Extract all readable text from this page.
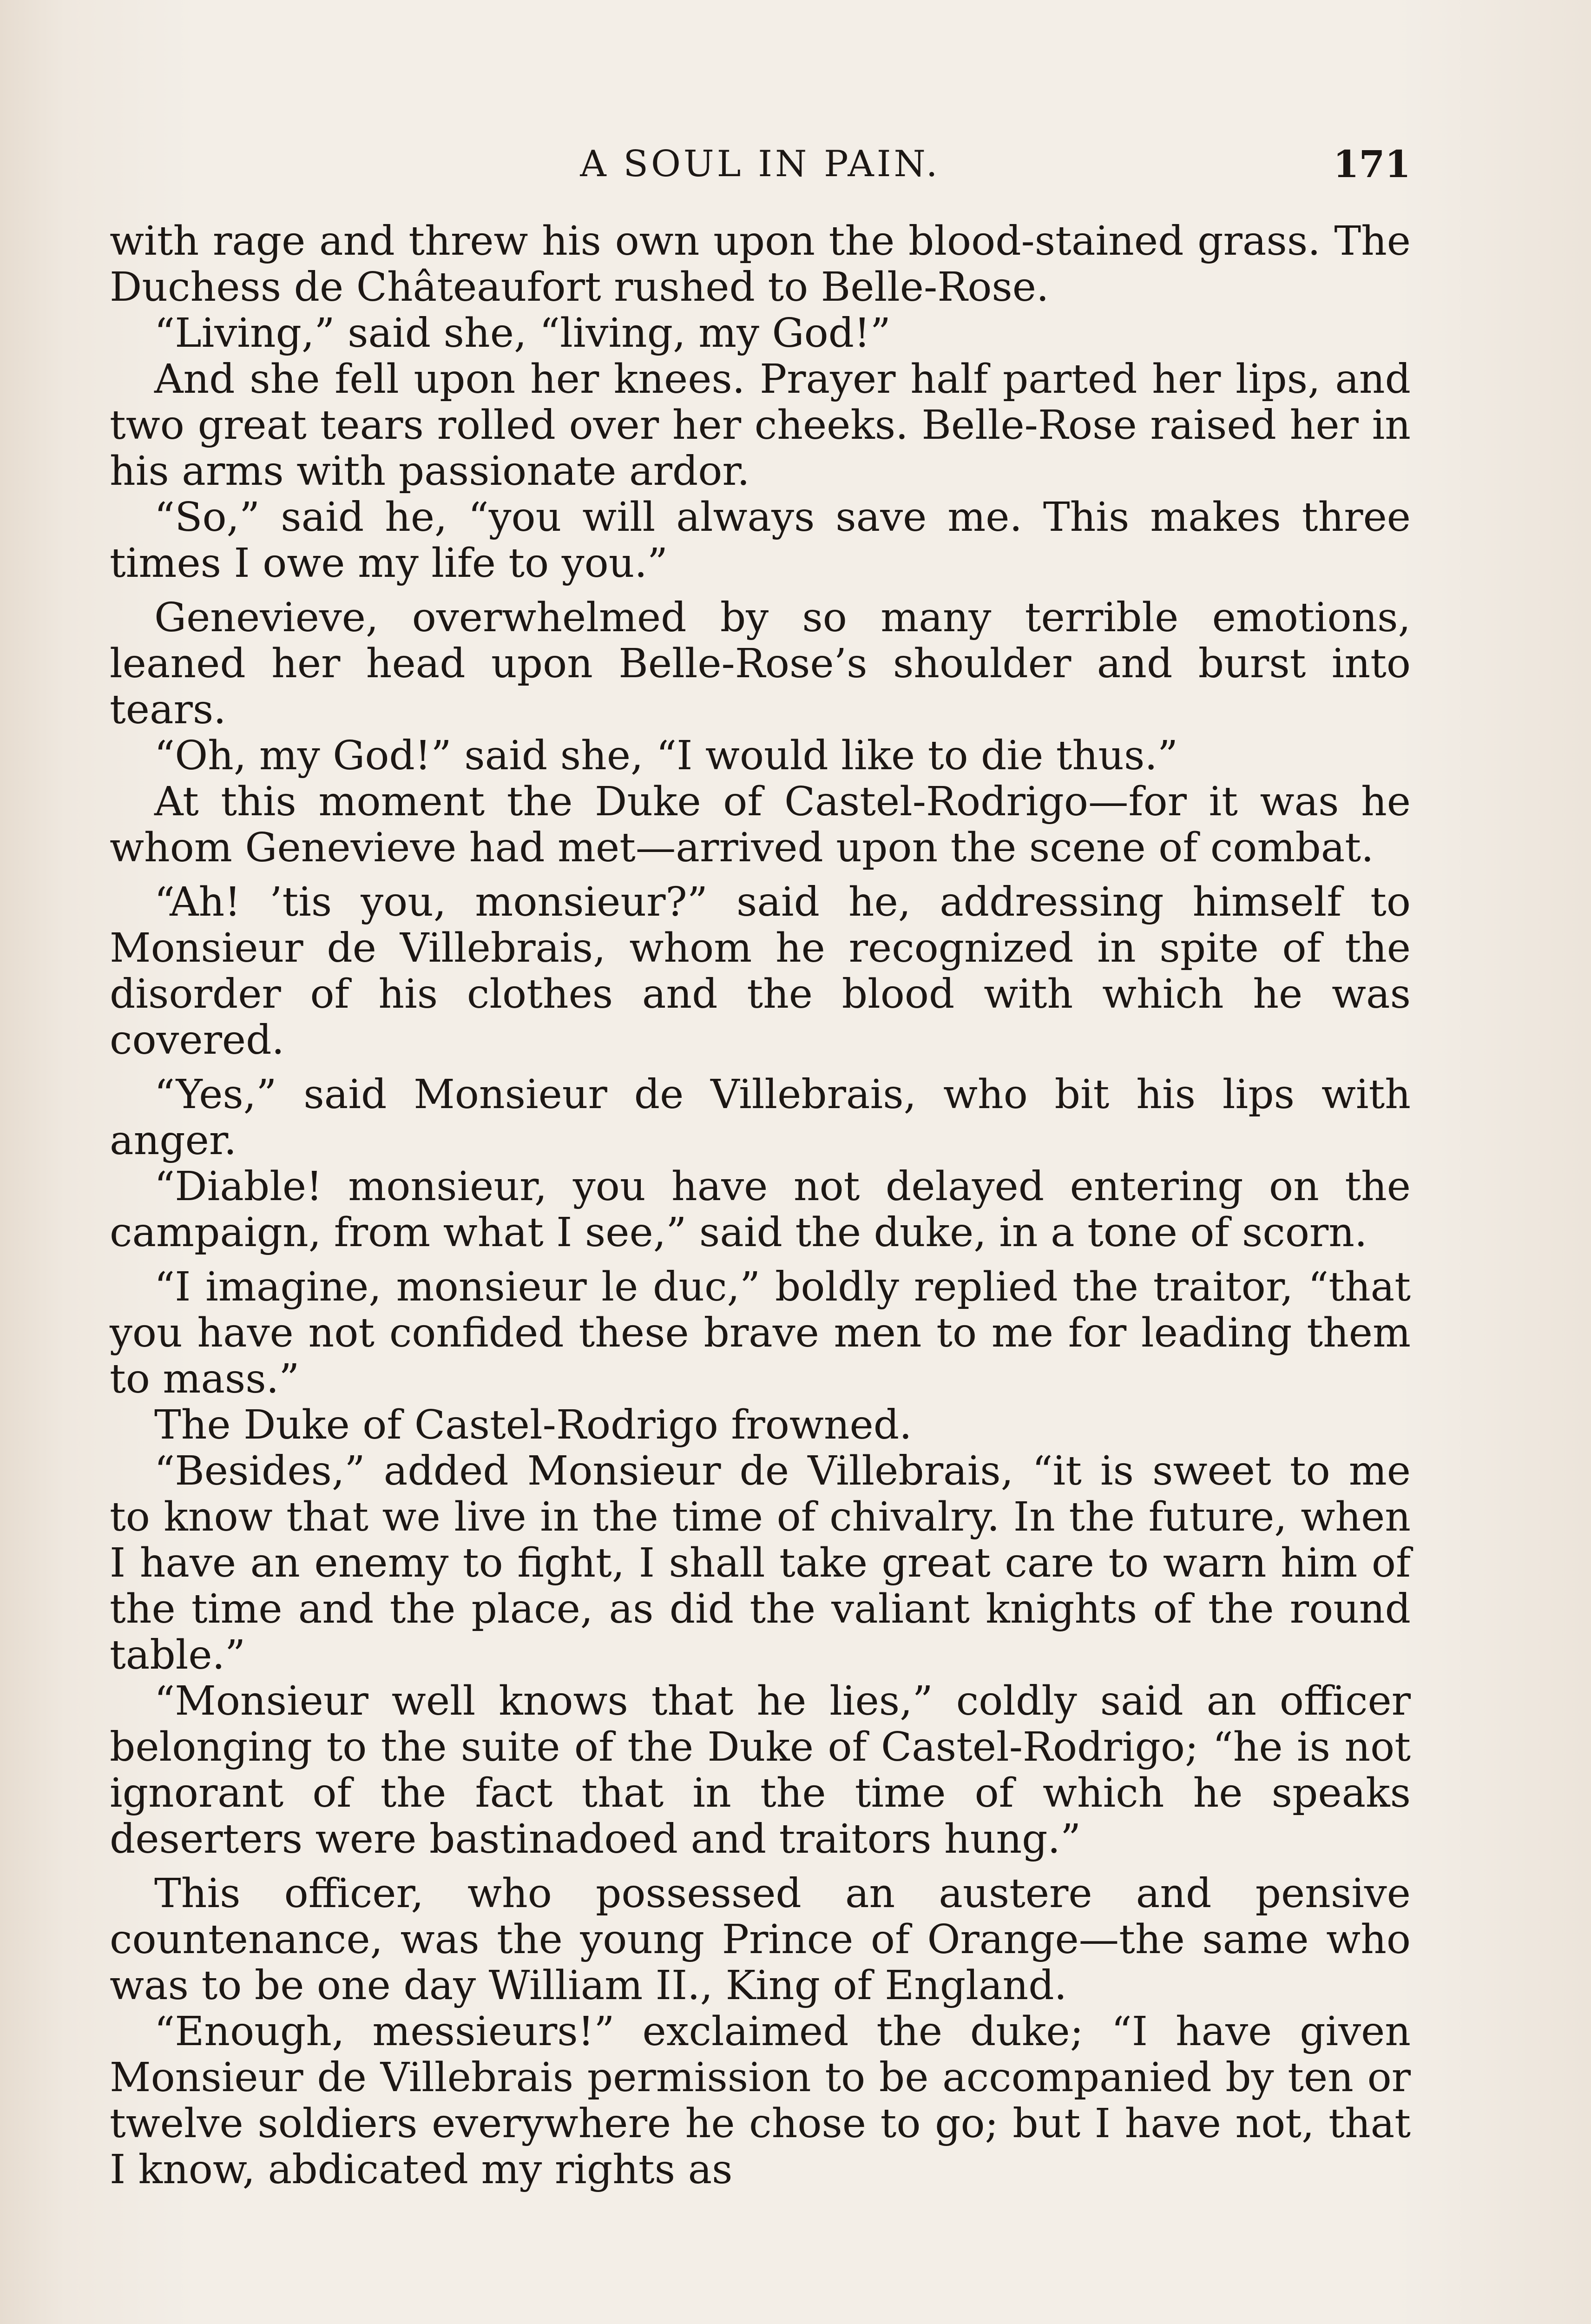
A SOUL IN PAIN.	171

with rage and threw his own upon the blood-stained grass. The Duchess de Châteaufort rushed to Belle-Rose.

“Living,” said she, “living, my God!”

And she fell upon her knees. Prayer half parted her lips, and two great tears rolled over her cheeks. Belle-Rose raised her in his arms with passionate ardor.

“So,” said he, “you will always save me. This makes three times I owe my life to you.”

Genevieve, overwhelmed by so many terrible emotions, leaned her head upon Belle-Rose’s shoulder and burst into tears.

“Oh, my God!” said she, “I would like to die thus.”

At this moment the Duke of Castel-Rodrigo—for it was he whom Genevieve had met—arrived upon the scene of combat.

“Ah! ’tis you, monsieur?” said he, addressing himself to Monsieur de Villebrais, whom he recognized in spite of the disorder of his clothes and the blood with which he was covered.

“Yes,” said Monsieur de Villebrais, who bit his lips with anger.

“Diable! monsieur, you have not delayed entering on the campaign, from what I see,” said the duke, in a tone of scorn.

“I imagine, monsieur le duc,” boldly replied the traitor, “that you have not confided these brave men to me for leading them to mass.”

The Duke of Castel-Rodrigo frowned.

“Besides,” added Monsieur de Villebrais, “it is sweet to me to know that we live in the time of chivalry. In the future, when I have an enemy to fight, I shall take great care to warn him of the time and the place, as did the valiant knights of the round table.”

“Monsieur well knows that he lies,” coldly said an officer belonging to the suite of the Duke of Castel-Rodrigo; “he is not ignorant of the fact that in the time of which he speaks deserters were bastinadoed and traitors hung.”

This officer, who possessed an austere and pensive countenance, was the young Prince of Orange—the same who was to be one day William II., King of England.

“Enough, messieurs!” exclaimed the duke; “I have given Monsieur de Villebrais permission to be accompanied by ten or twelve soldiers everywhere he chose to go; but I have not, that I know, abdicated my rights as
